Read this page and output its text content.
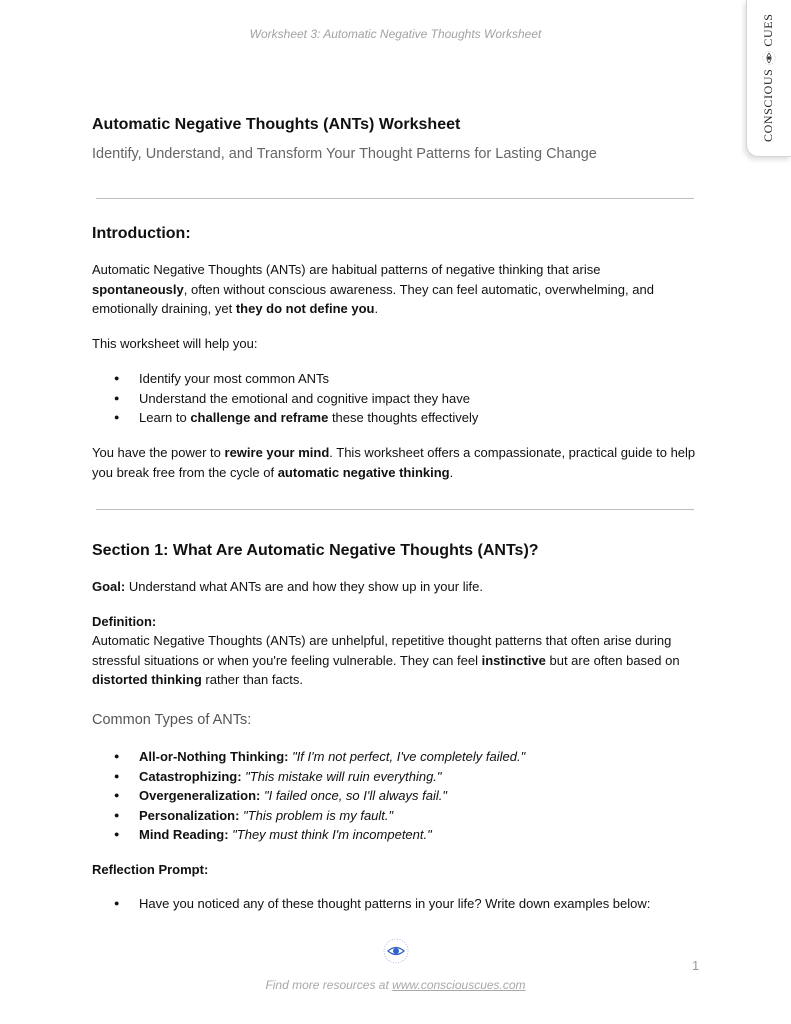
Worksheet 3: Automatic Negative Thoughts Worksheet
CONSCIOUS
CUES
Automatic Negative Thoughts (ANTs) Worksheet

Identify, Understand, and Transform Your Thought Patterns for Lasting Change

Introduction:

Automatic Negative Thoughts (ANTs) are habitual patterns of negative thinking that arise spontaneously, often without conscious awareness. They can feel automatic, overwhelming, and emotionally draining, yet they do not define you.

This worksheet will help you:

● Identify your most common ANTs
● Understand the emotional and cognitive impact they have
● Learn to challenge and reframe these thoughts effectively

You have the power to rewire your mind. This worksheet offers a compassionate, practical guide to help you break free from the cycle of automatic negative thinking.

Section 1: What Are Automatic Negative Thoughts (ANTs)?

Goal: Understand what ANTs are and how they show up in your life.

Definition:

Automatic Negative Thoughts (ANTs) are unhelpful, repetitive thought patterns that often arise during stressful situations or when you're feeling vulnerable. They can feel instinctive but are often based on distorted thinking rather than facts.

Common Types of ANTs:

● All-or-Nothing Thinking: "If I'm not perfect, I've completely failed."
● Catastrophizing: "This mistake will ruin everything."
● Overgeneralization: "I failed once, so I'll always fail."
● Personalization: "This problem is my fault."
● Mind Reading: "They must think I'm incompetent."

Reflection Prompt:

● Have you noticed any of these thought patterns in your life? Write down examples below:
1
Find more resources at www.consciouscues.com
